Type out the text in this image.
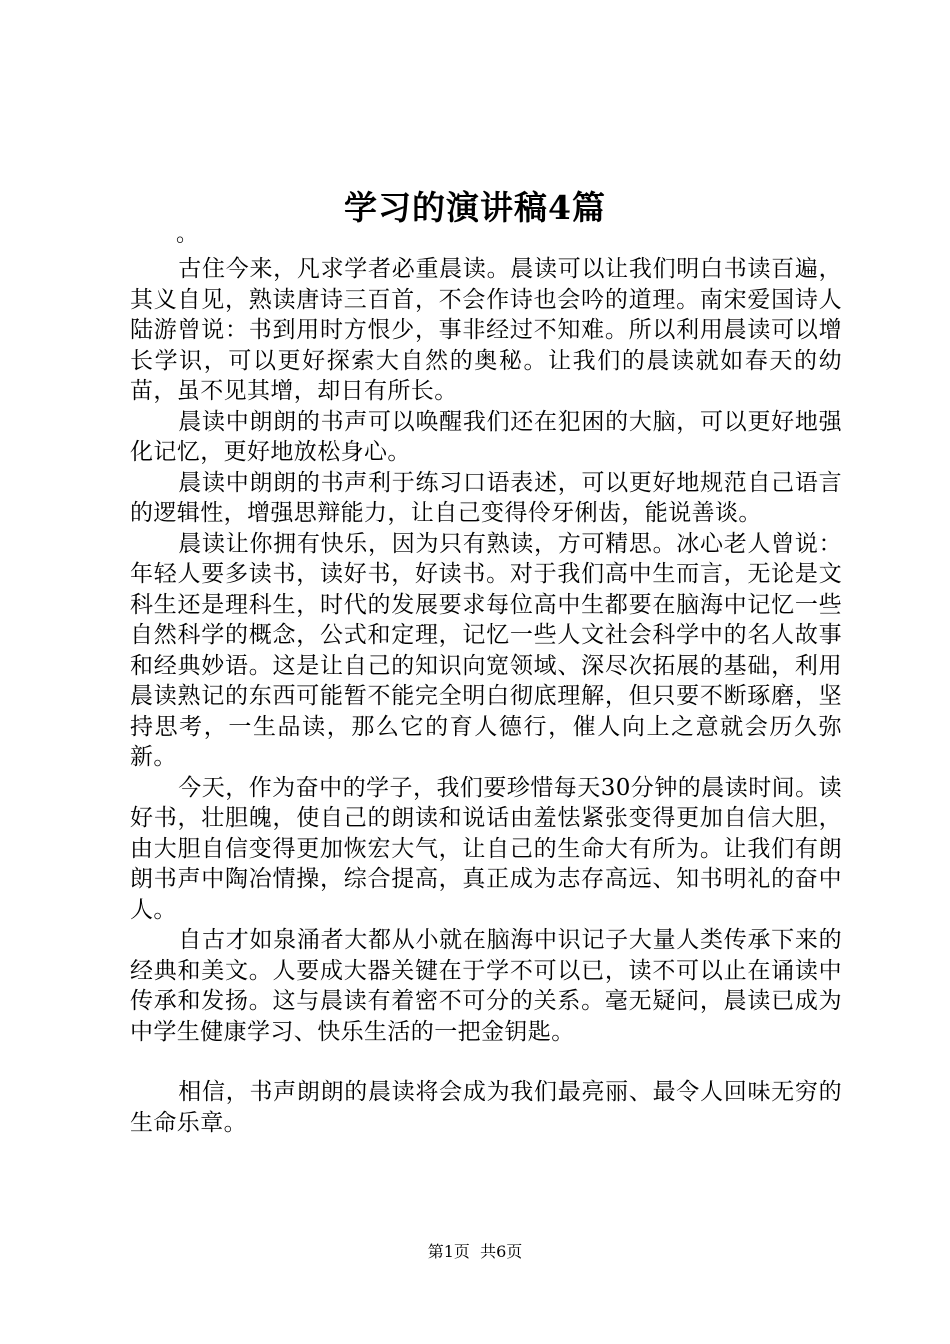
学习的演讲稿4篇

。

古住今来，凡求学者必重晨读。晨读可以让我们明白书读百遍，其义自见，熟读唐诗三百首，不会作诗也会吟的道理。南宋爱国诗人陆游曾说：书到用时方恨少，事非经过不知难。所以利用晨读可以增长学识，可以更好探索大自然的奥秘。让我们的晨读就如春天的幼苗，虽不见其增，却日有所长。

晨读中朗朗的书声可以唤醒我们还在犯困的大脑，可以更好地强化记忆，更好地放松身心。

晨读中朗朗的书声利于练习口语表述，可以更好地规范自己语言的逻辑性，增强思辩能力，让自己变得伶牙俐齿，能说善谈。

晨读让你拥有快乐，因为只有熟读，方可精思。冰心老人曾说：年轻人要多读书，读好书，好读书。对于我们高中生而言，无论是文科生还是理科生，时代的发展要求每位高中生都要在脑海中记忆一些自然科学的概念，公式和定理，记忆一些人文社会科学中的名人故事和经典妙语。这是让自己的知识向宽领域、深尽次拓展的基础，利用晨读熟记的东西可能暂不能完全明白彻底理解，但只要不断琢磨，坚持思考，一生品读，那么它的育人德行，催人向上之意就会历久弥新。

今天，作为奋中的学子，我们要珍惜每天30分钟的晨读时间。读好书，壮胆魄，使自己的朗读和说话由羞怯紧张变得更加自信大胆，由大胆自信变得更加恢宏大气，让自己的生命大有所为。让我们有朗朗书声中陶冶情操，综合提高，真正成为志存高远、知书明礼的奋中人。

自古才如泉涌者大都从小就在脑海中识记子大量人类传承下来的经典和美文。人要成大器关键在于学不可以已，读不可以止在诵读中传承和发扬。这与晨读有着密不可分的关系。毫无疑问，晨读已成为中学生健康学习、快乐生活的一把金钥匙。

相信，书声朗朗的晨读将会成为我们最亮丽、最令人回味无穷的生命乐章。

第1页  共6页
